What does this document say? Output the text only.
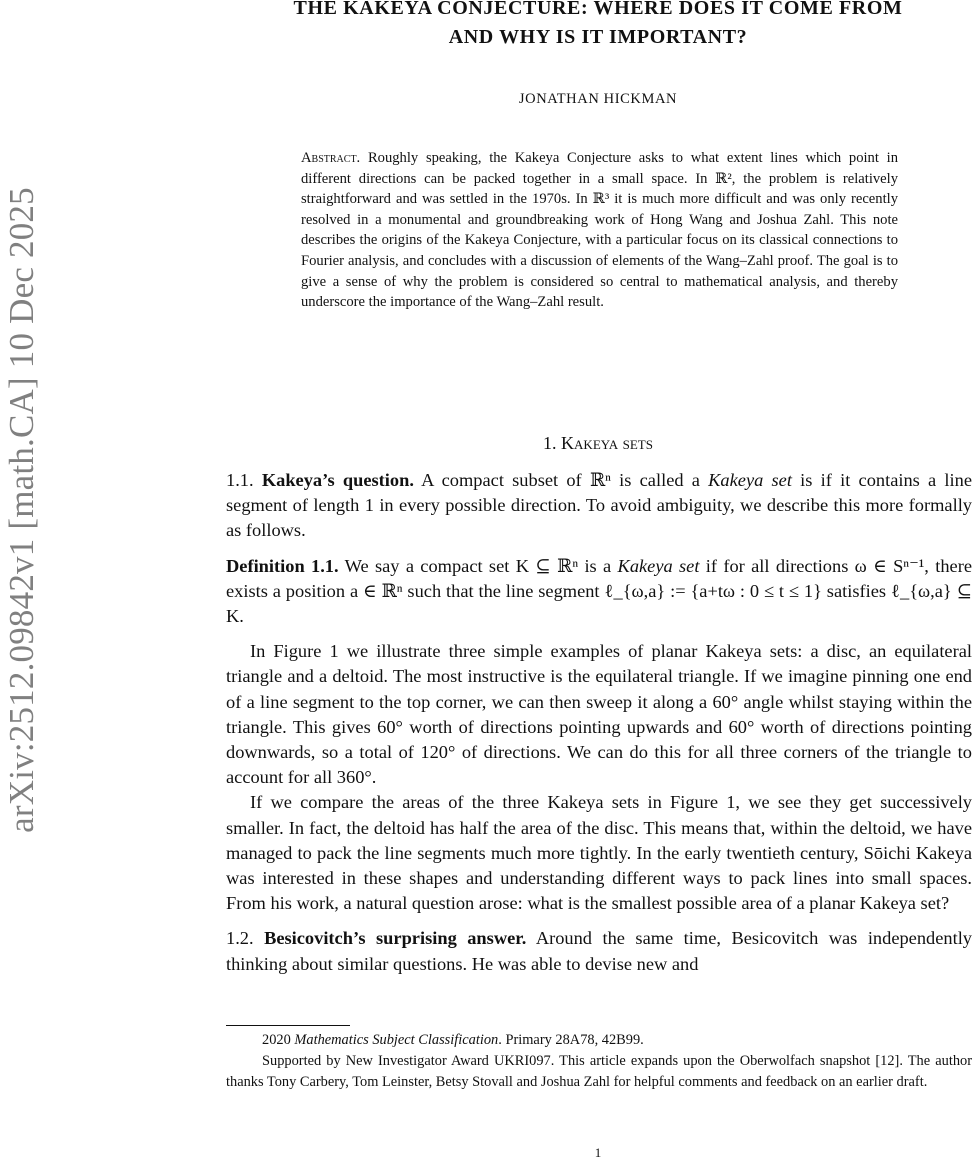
arXiv:2512.09842v1 [math.CA] 10 Dec 2025
THE KAKEYA CONJECTURE: WHERE DOES IT COME FROM
AND WHY IS IT IMPORTANT?
JONATHAN HICKMAN
Abstract. Roughly speaking, the Kakeya Conjecture asks to what extent lines which point in different directions can be packed together in a small space. In ℝ², the problem is relatively straightforward and was settled in the 1970s. In ℝ³ it is much more difficult and was only recently resolved in a monumental and groundbreaking work of Hong Wang and Joshua Zahl. This note describes the origins of the Kakeya Conjecture, with a particular focus on its classical connections to Fourier analysis, and concludes with a discussion of elements of the Wang–Zahl proof. The goal is to give a sense of why the problem is considered so central to mathematical analysis, and thereby underscore the importance of the Wang–Zahl result.
1. Kakeya sets

1.1. Kakeya’s question. A compact subset of ℝⁿ is called a Kakeya set is if it contains a line segment of length 1 in every possible direction. To avoid ambiguity, we describe this more formally as follows.

Definition 1.1. We say a compact set K ⊆ ℝⁿ is a Kakeya set if for all directions ω ∈ Sⁿ⁻¹, there exists a position a ∈ ℝⁿ such that the line segment ℓ_{ω,a} := {a+tω : 0 ≤ t ≤ 1} satisfies ℓ_{ω,a} ⊆ K.

In Figure 1 we illustrate three simple examples of planar Kakeya sets: a disc, an equilateral triangle and a deltoid. The most instructive is the equilateral triangle. If we imagine pinning one end of a line segment to the top corner, we can then sweep it along a 60° angle whilst staying within the triangle. This gives 60° worth of directions pointing upwards and 60° worth of directions pointing downwards, so a total of 120° of directions. We can do this for all three corners of the triangle to account for all 360°.

If we compare the areas of the three Kakeya sets in Figure 1, we see they get successively smaller. In fact, the deltoid has half the area of the disc. This means that, within the deltoid, we have managed to pack the line segments much more tightly. In the early twentieth century, Sōichi Kakeya was interested in these shapes and understanding different ways to pack lines into small spaces. From his work, a natural question arose: what is the smallest possible area of a planar Kakeya set?

1.2. Besicovitch’s surprising answer. Around the same time, Besicovitch was independently thinking about similar questions. He was able to devise new and

2020 Mathematics Subject Classification. Primary 28A78, 42B99.

Supported by New Investigator Award UKRI097. This article expands upon the Oberwolfach snapshot [12]. The author thanks Tony Carbery, Tom Leinster, Betsy Stovall and Joshua Zahl for helpful comments and feedback on an earlier draft.

1
